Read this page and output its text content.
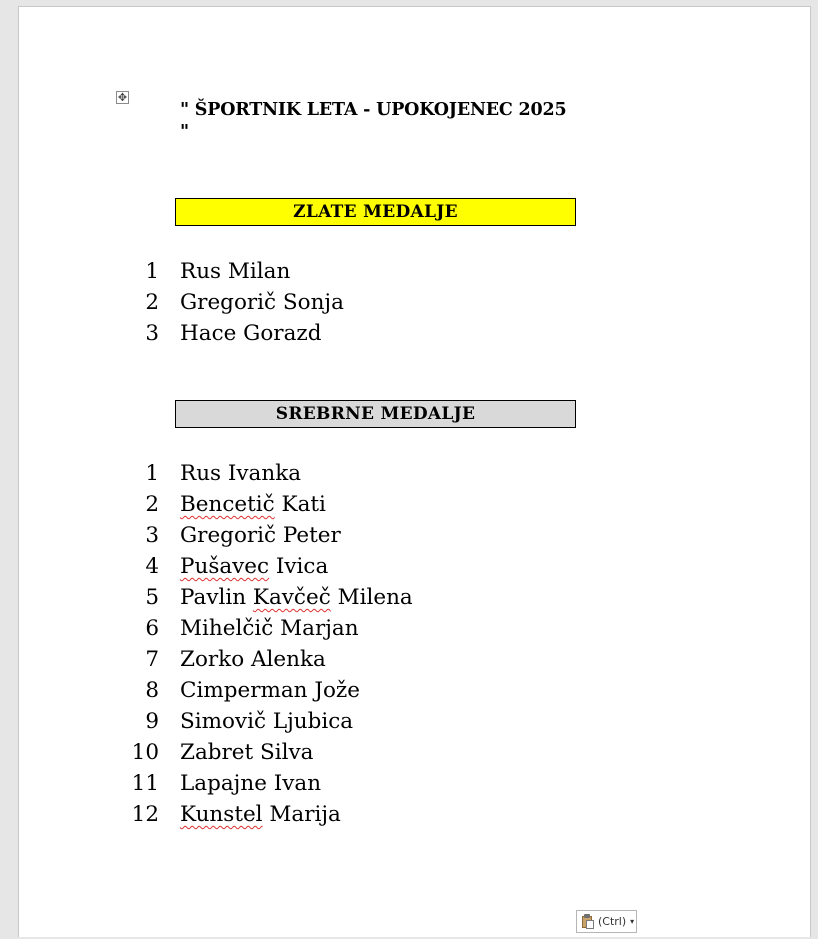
✥
" ŠPORTNIK LETA - UPOKOJENEC 2025
"
ZLATE MEDALJE
1 Rus Milan
2 Gregorič Sonja
3 Hace Gorazd
SREBRNE MEDALJE
1 Rus Ivanka
2 Bencetič Kati
3 Gregorič Peter
4 Pušavec Ivica
5 Pavlin Kavčeč Milena
6 Mihelčič Marjan
7 Zorko Alenka
8 Cimperman Jože
9 Simovič Ljubica
10 Zabret Silva
11 Lapajne Ivan
12 Kunstel Marija
(Ctrl) ▾
